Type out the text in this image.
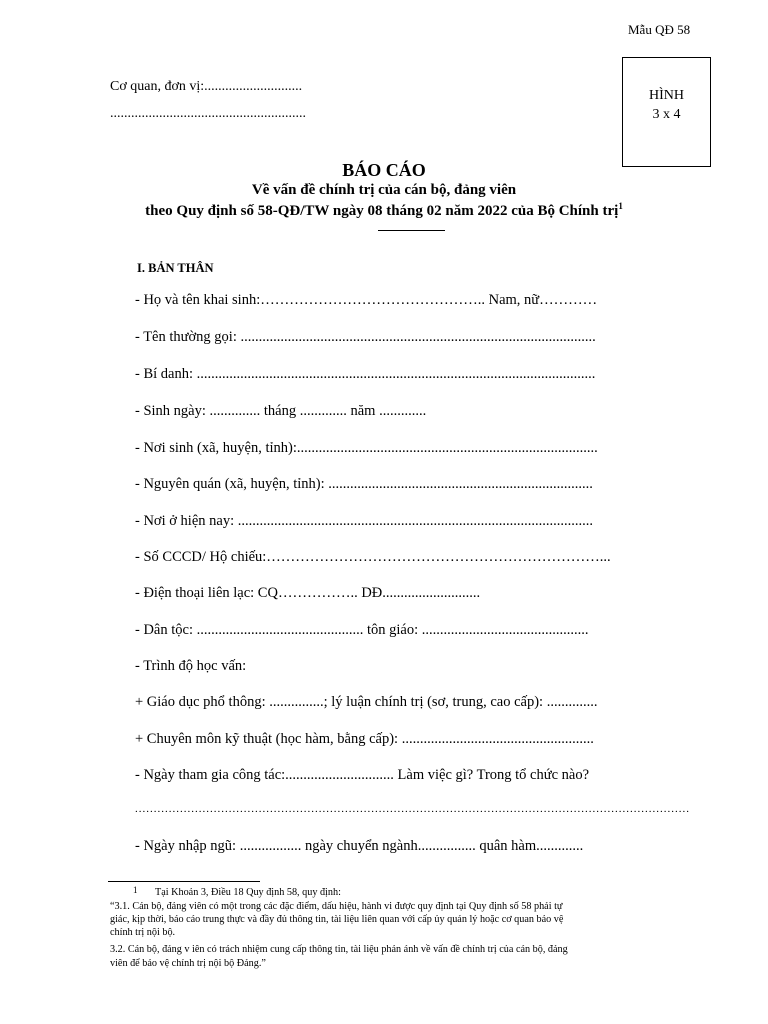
Mẫu QĐ 58
Cơ quan, đơn vị:............................
........................................................
HÌNH
3 x 4
BÁO CÁO
Về vấn đề chính trị của cán bộ, đảng viên
theo Quy định số 58-QĐ/TW ngày 08 tháng 02 năm 2022 của Bộ Chính trị$^1$
I. BẢN THÂN
- Họ và tên khai sinh:……………………………………….. Nam, nữ…………
- Tên thường gọi: ..................................................................................................
- Bí danh: ..............................................................................................................
- Sinh ngày: .............. tháng ............. năm .............
- Nơi sinh (xã, huyện, tỉnh):...................................................................................
- Nguyên quán (xã, huyện, tỉnh): .........................................................................
- Nơi ở hiện nay: ..................................................................................................
- Số CCCD/ Hộ chiếu:……………………………………………………………...
- Điện thoại liên lạc: CQ…………….. DĐ...........................
- Dân tộc: .............................................. tôn giáo: ..............................................
- Trình độ học vấn:
+ Giáo dục phổ thông: ...............; lý luận chính trị (sơ, trung, cao cấp): ..............
+ Chuyên môn kỹ thuật (học hàm, bằng cấp): .....................................................
- Ngày tham gia công tác:.............................. Làm việc gì? Trong tổ chức nào?
....................................................................................................................................................
- Ngày nhập ngũ: ................. ngày chuyển ngành................ quân hàm.............
1 Tại Khoản 3, Điều 18 Quy định 58, quy định:
“3.1. Cán bộ, đảng viên có một trong các đặc điểm, dấu hiệu, hành vi được quy định tại Quy định số 58 phải tự
giác, kịp thời, báo cáo trung thực và đầy đủ thông tin, tài liệu liên quan với cấp ủy quản lý hoặc cơ quan bảo vệ
chính trị nội bộ.
3.2. Cán bộ, đảng v iên có trách nhiệm cung cấp thông tin, tài liệu phản ánh về vấn đề chính trị của cán bộ, đảng
viên để bảo vệ chính trị nội bộ Đảng.”
